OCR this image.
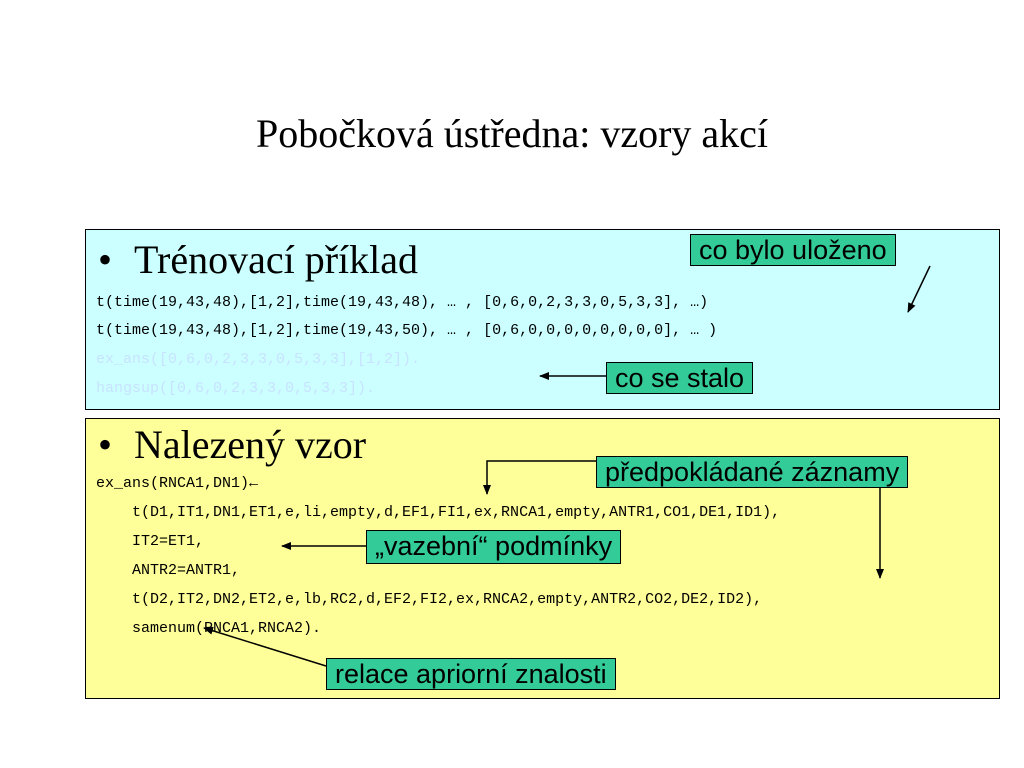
Pobočková ústředna: vzory akcí
• Trénovací příklad
t(time(19,43,48),[1,2],time(19,43,48), … , [0,6,0,2,3,3,0,5,3,3], …)
t(time(19,43,48),[1,2],time(19,43,50), … , [0,6,0,0,0,0,0,0,0,0], … )
ex_ans([0,6,0,2,3,3,0,5,3,3],[1,2]).
hangsup([0,6,0,2,3,3,0,5,3,3]).
• Nalezený vzor
ex_ans(RNCA1,DN1)←
t(D1,IT1,DN1,ET1,e,li,empty,d,EF1,FI1,ex,RNCA1,empty,ANTR1,CO1,DE1,ID1),
IT2=ET1,
ANTR2=ANTR1,
t(D2,IT2,DN2,ET2,e,lb,RC2,d,EF2,FI2,ex,RNCA2,empty,ANTR2,CO2,DE2,ID2),
samenum(RNCA1,RNCA2).
co bylo uloženo
co se stalo
předpokládané záznamy
„vazební“ podmínky
relace apriorní znalosti
